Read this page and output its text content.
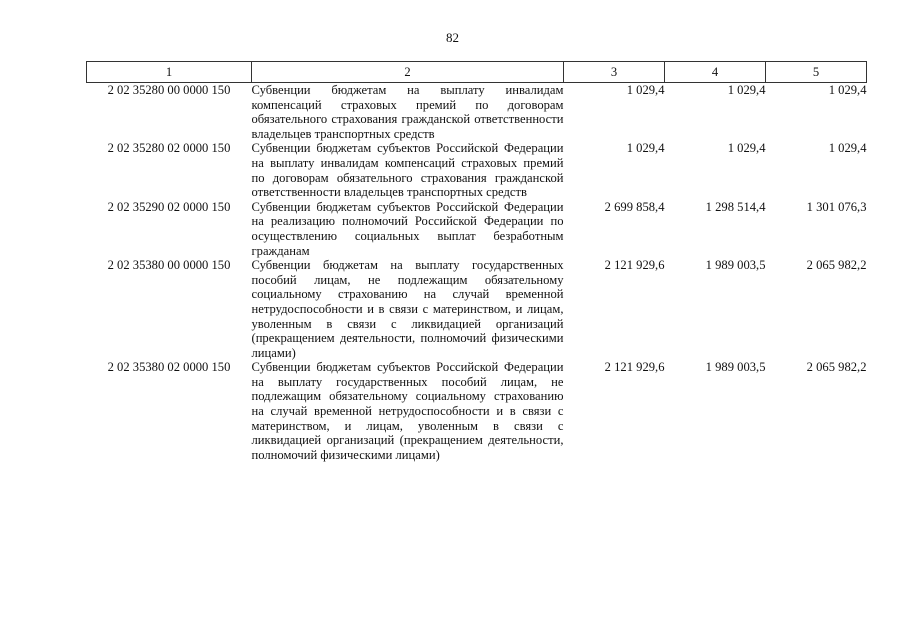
82
1	2	3	4	5
2 02 35280 00 0000 150	Субвенции бюджетам на выплату инвалидам компенсаций страховых премий по договорам обязательного страхования гражданской ответственности владельцев транспортных средств	1 029,4	1 029,4	1 029,4
2 02 35280 02 0000 150	Субвенции бюджетам субъектов Российской Федерации на выплату инвалидам компенсаций страховых премий по договорам обязательного страхования гражданской ответственности владельцев транспортных средств	1 029,4	1 029,4	1 029,4
2 02 35290 02 0000 150	Субвенции бюджетам субъектов Российской Федерации на реализацию полномочий Российской Федерации по осуществлению социальных выплат безработным гражданам	2 699 858,4	1 298 514,4	1 301 076,3
2 02 35380 00 0000 150	Субвенции бюджетам на выплату государственных пособий лицам, не подлежащим обязательному социальному страхованию на случай временной нетрудоспособности и в связи с материнством, и лицам, уволенным в связи с ликвидацией организаций (прекращением деятельности, полномочий физическими лицами)	2 121 929,6	1 989 003,5	2 065 982,2
2 02 35380 02 0000 150	Субвенции бюджетам субъектов Российской Федерации на выплату государственных пособий лицам, не подлежащим обязательному социальному страхованию на случай временной нетрудоспособности и в связи с материнством, и лицам, уволенным в связи с ликвидацией организаций (прекращением деятельности, полномочий физическими лицами)	2 121 929,6	1 989 003,5	2 065 982,2
